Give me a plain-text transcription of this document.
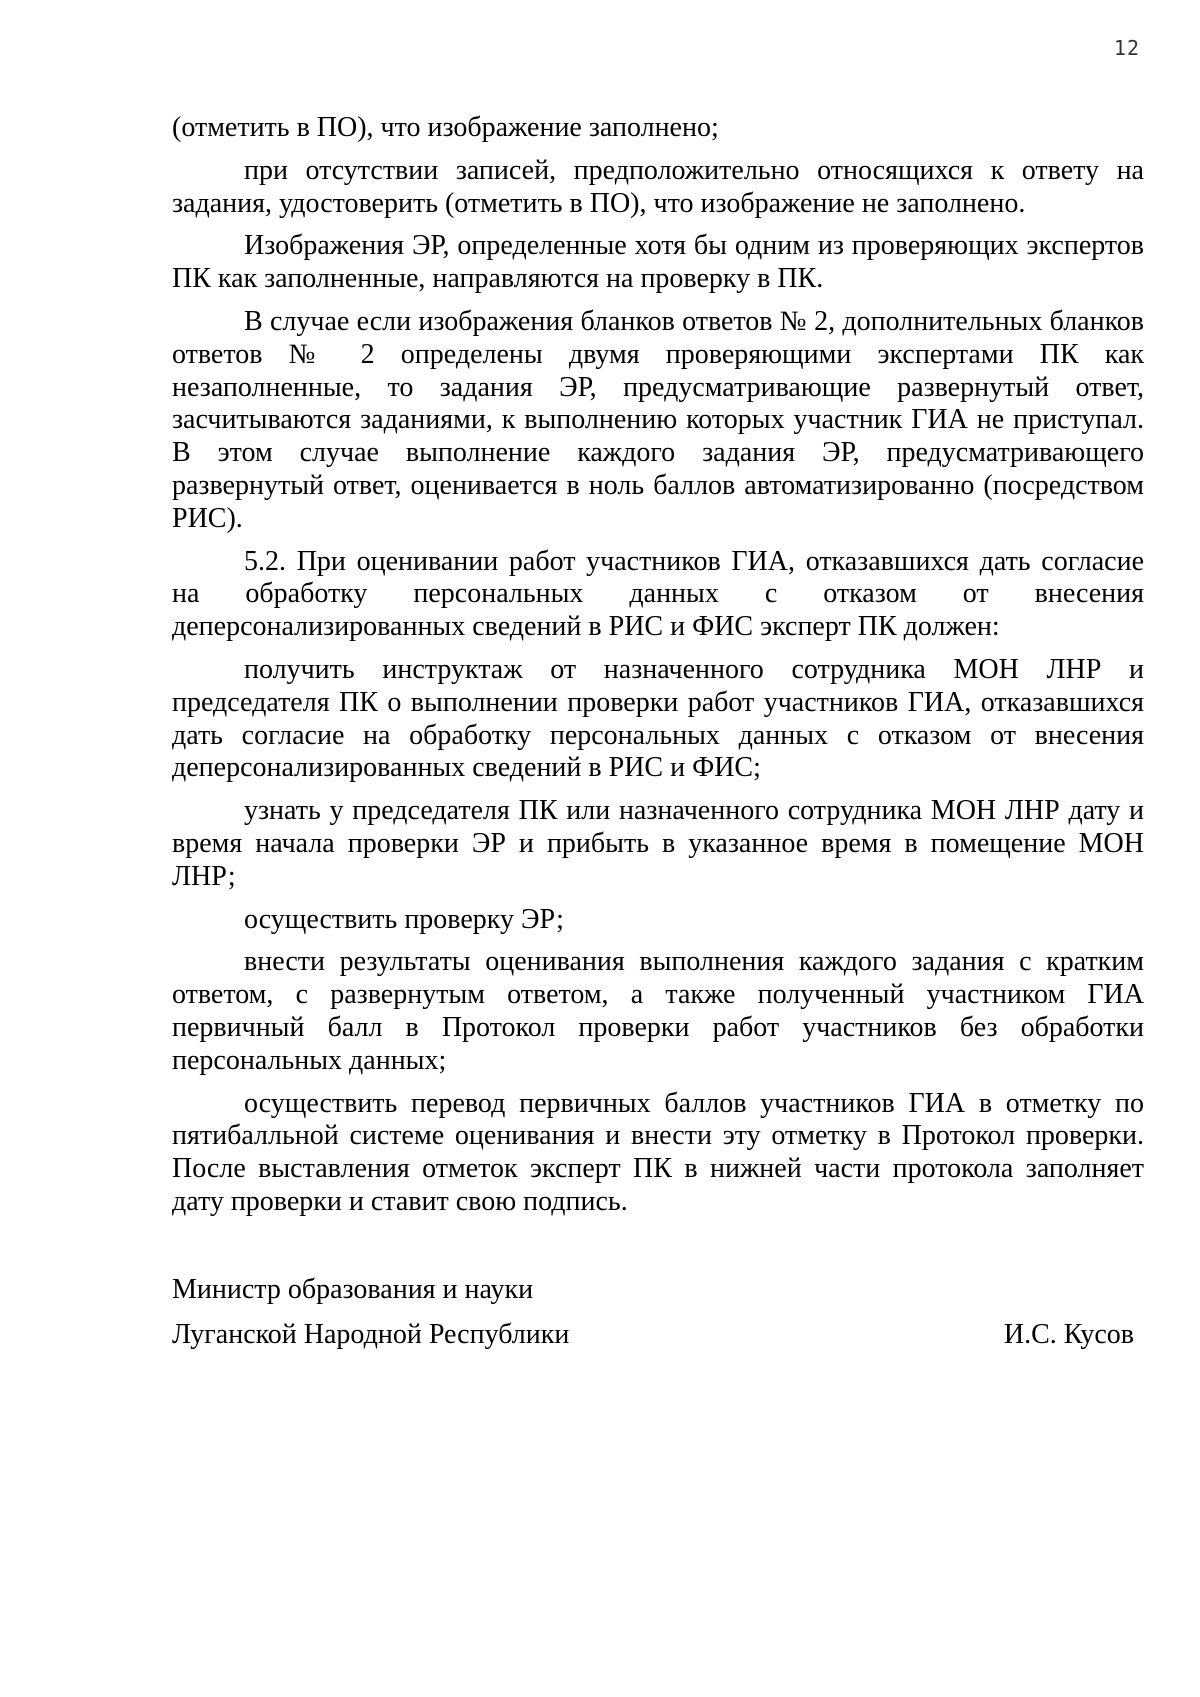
12

(отметить в ПО), что изображение заполнено;

при отсутствии записей, предположительно относящихся к ответу на задания, удостоверить (отметить в ПО), что изображение не заполнено.

Изображения ЭР, определенные хотя бы одним из проверяющих экспертов ПК как заполненные, направляются на проверку в ПК.

В случае если изображения бланков ответов № 2, дополнительных бланков ответов № 2 определены двумя проверяющими экспертами ПК как незаполненные, то задания ЭР, предусматривающие развернутый ответ, засчитываются заданиями, к выполнению которых участник ГИА не приступал. В этом случае выполнение каждого задания ЭР, предусматривающего развернутый ответ, оценивается в ноль баллов автоматизированно (посредством РИС).

5.2. При оценивании работ участников ГИА, отказавшихся дать согласие на обработку персональных данных с отказом от внесения деперсонализированных сведений в РИС и ФИС эксперт ПК должен:

получить инструктаж от назначенного сотрудника МОН ЛНР и председателя ПК о выполнении проверки работ участников ГИА, отказавшихся дать согласие на обработку персональных данных с отказом от внесения деперсонализированных сведений в РИС и ФИС;

узнать у председателя ПК или назначенного сотрудника МОН ЛНР дату и время начала проверки ЭР и прибыть в указанное время в помещение МОН ЛНР;

осуществить проверку ЭР;

внести результаты оценивания выполнения каждого задания с кратким ответом, с развернутым ответом, а также полученный участником ГИА первичный балл в Протокол проверки работ участников без обработки персональных данных;

осуществить перевод первичных баллов участников ГИА в отметку по пятибалльной системе оценивания и внести эту отметку в Протокол проверки. После выставления отметок эксперт ПК в нижней части протокола заполняет дату проверки и ставит свою подпись.

Министр образования и науки
Луганской Народной Республики	И.С. Кусов
